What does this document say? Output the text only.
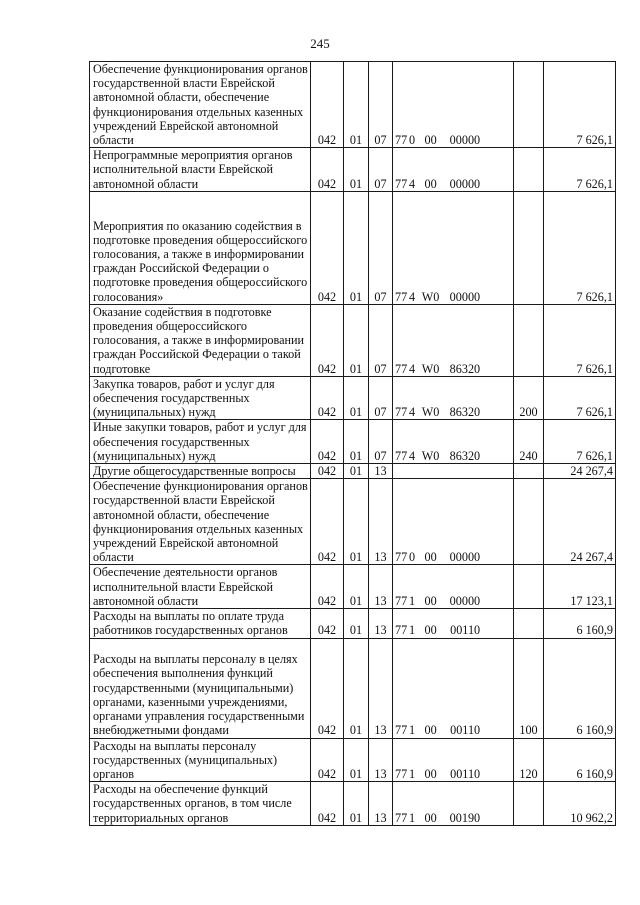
245
Обеспечение функционирования органов государственной власти Еврейской автономной области, обеспечение функционирования отдельных казенных учреждений Еврейской автономной области	042	01	07	77 0 00 00000		7 626,1
Непрограммные мероприятия органов исполнительной власти Еврейской автономной области	042	01	07	77 4 00 00000		7 626,1
Мероприятия по оказанию содействия в подготовке проведения общероссийского голосования, а также в информировании граждан Российской Федерации о подготовке проведения общероссийского голосования»	042	01	07	77 4 W0 00000		7 626,1
Оказание содействия в подготовке проведения общероссийского голосования, а также в информировании граждан Российской Федерации о такой подготовке	042	01	07	77 4 W0 86320		7 626,1
Закупка товаров, работ и услуг для обеспечения государственных (муниципальных) нужд	042	01	07	77 4 W0 86320	200	7 626,1
Иные закупки товаров, работ и услуг для обеспечения государственных (муниципальных) нужд	042	01	07	77 4 W0 86320	240	7 626,1
Другие общегосударственные вопросы	042	01	13			24 267,4
Обеспечение функционирования органов государственной власти Еврейской автономной области, обеспечение функционирования отдельных казенных учреждений Еврейской автономной области	042	01	13	77 0 00 00000		24 267,4
Обеспечение деятельности органов исполнительной власти Еврейской автономной области	042	01	13	77 1 00 00000		17 123,1
Расходы на выплаты по оплате труда работников государственных органов	042	01	13	77 1 00 00110		6 160,9
Расходы на выплаты персоналу в целях обеспечения выполнения функций государственными (муниципальными) органами, казенными учреждениями, органами управления государственными внебюджетными фондами	042	01	13	77 1 00 00110	100	6 160,9
Расходы на выплаты персоналу государственных (муниципальных) органов	042	01	13	77 1 00 00110	120	6 160,9
Расходы на обеспечение функций государственных органов, в том числе территориальных органов	042	01	13	77 1 00 00190		10 962,2
